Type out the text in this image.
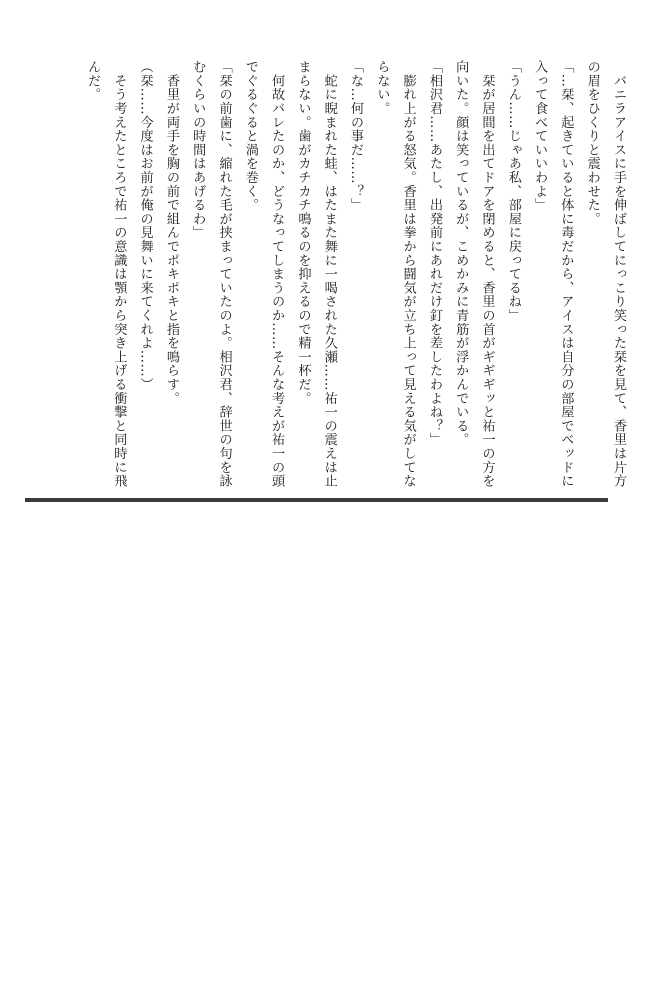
　バニラアイスに手を伸ばしてにっこり笑った栞を見て、香里は片方の眉をひくりと震わせた。

「…栞、起きていると体に毒だから、アイスは自分の部屋でベッドに入って食べていいわよ」

「うん……じゃあ私、部屋に戻ってるね」

　栞が居間を出てドアを閉めると、香里の首がギギギッと祐一の方を向いた。顔は笑っているが、こめかみに青筋が浮かんでいる。

「相沢君……あたし、出発前にあれだけ釘を差したわよね？」

　膨れ上がる怒気。香里は拳から闘気が立ち上って見える気がしてならない。

「な…何の事だ……？」

　蛇に睨まれた蛙、はたまた舞に一喝された久瀬……祐一の震えは止まらない。歯がカチカチ鳴るのを抑えるので精一杯だ。

　何故バレたのか、どうなってしまうのか……そんな考えが祐一の頭でぐるぐると渦を巻く。

「栞の前歯に、縮れた毛が挟まっていたのよ。相沢君、辞世の句を詠むくらいの時間はあげるわ」

　香里が両手を胸の前で組んでポキポキと指を鳴らす。

（栞……今度はお前が俺の見舞いに来てくれよ……）

　そう考えたところで祐一の意識は顎から突き上げる衝撃と同時に飛んだ。
